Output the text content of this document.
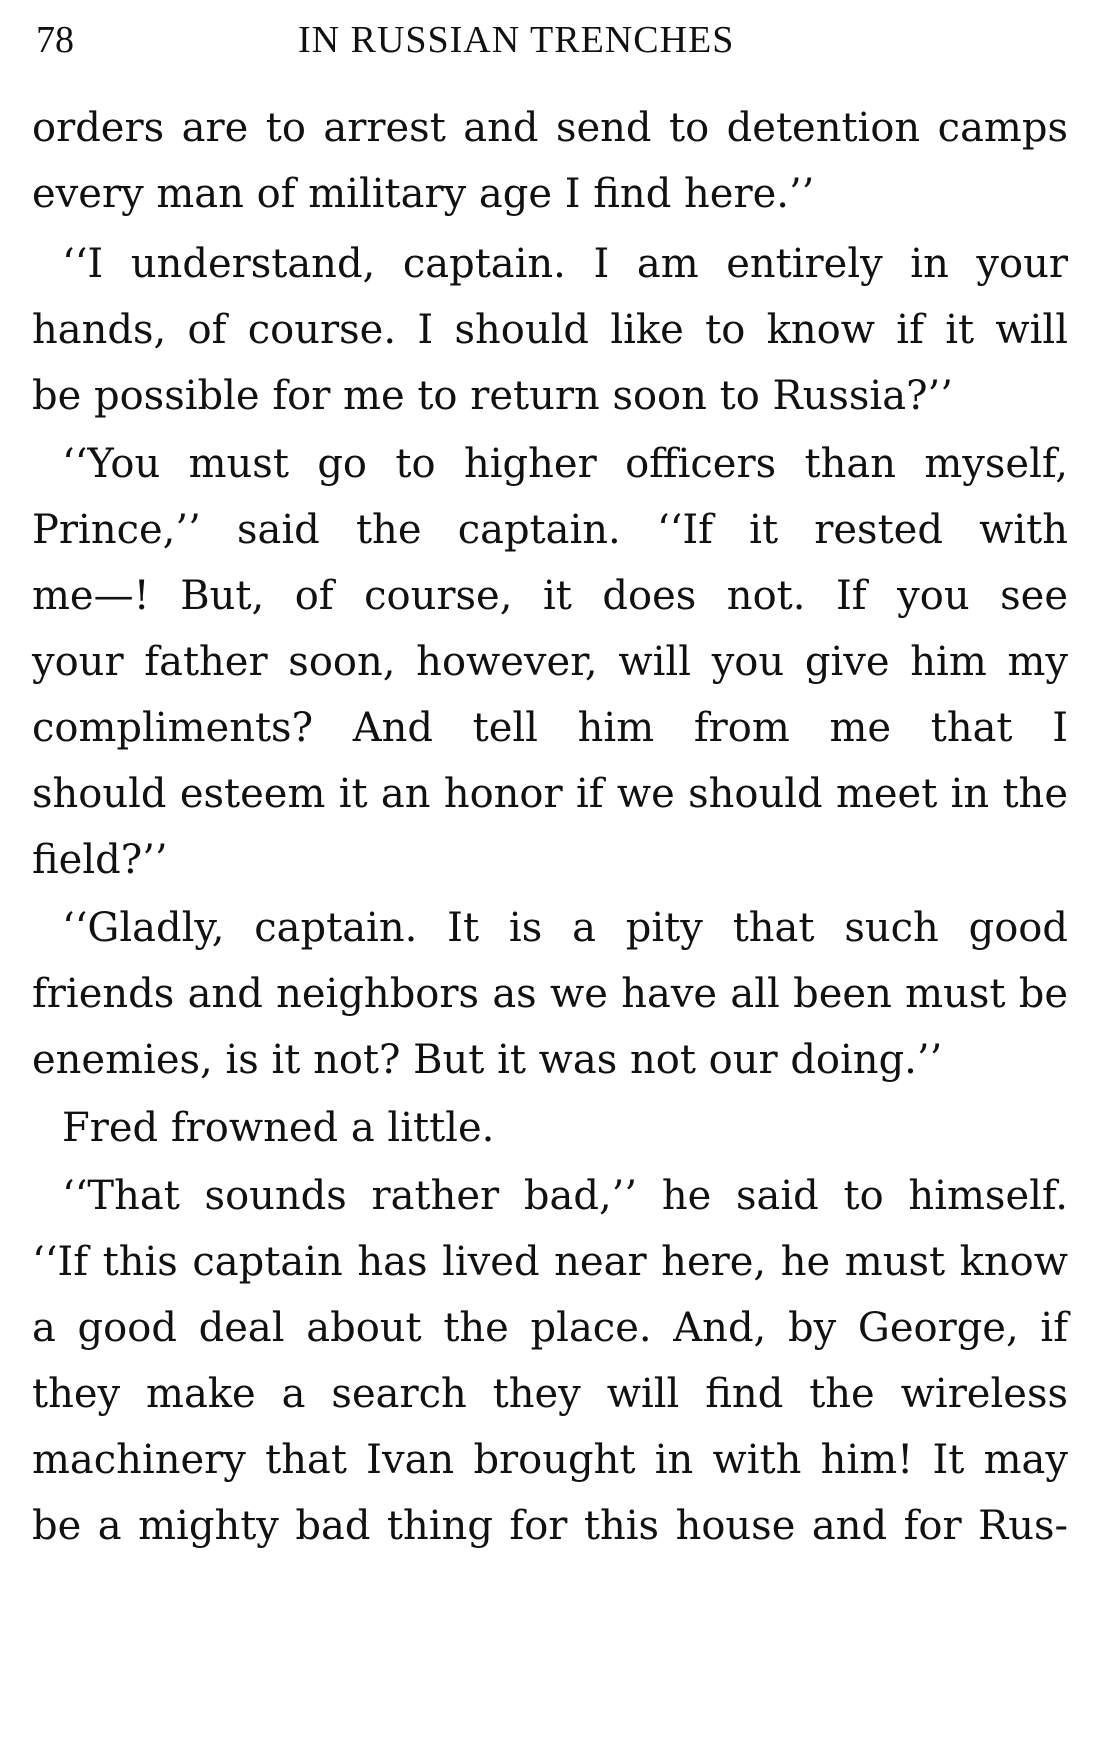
78	IN RUSSIAN TRENCHES
orders are to arrest and send to detention camps
every man of military age I find here.’’
‘‘I understand, captain. I am entirely in your
hands, of course. I should like to know if it will
be possible for me to return soon to Russia?’’
‘‘You must go to higher officers than myself,
Prince,’’ said the captain. ‘‘If it rested with
me—! But, of course, it does not. If you see
your father soon, however, will you give him my
compliments? And tell him from me that I
should esteem it an honor if we should meet in the
field?’’
‘‘Gladly, captain. It is a pity that such good
friends and neighbors as we have all been must be
enemies, is it not? But it was not our doing.’’
Fred frowned a little.
‘‘That sounds rather bad,’’ he said to himself.
‘‘If this captain has lived near here, he must know
a good deal about the place. And, by George, if
they make a search they will find the wireless
machinery that Ivan brought in with him! It may
be a mighty bad thing for this house and for Rus-
